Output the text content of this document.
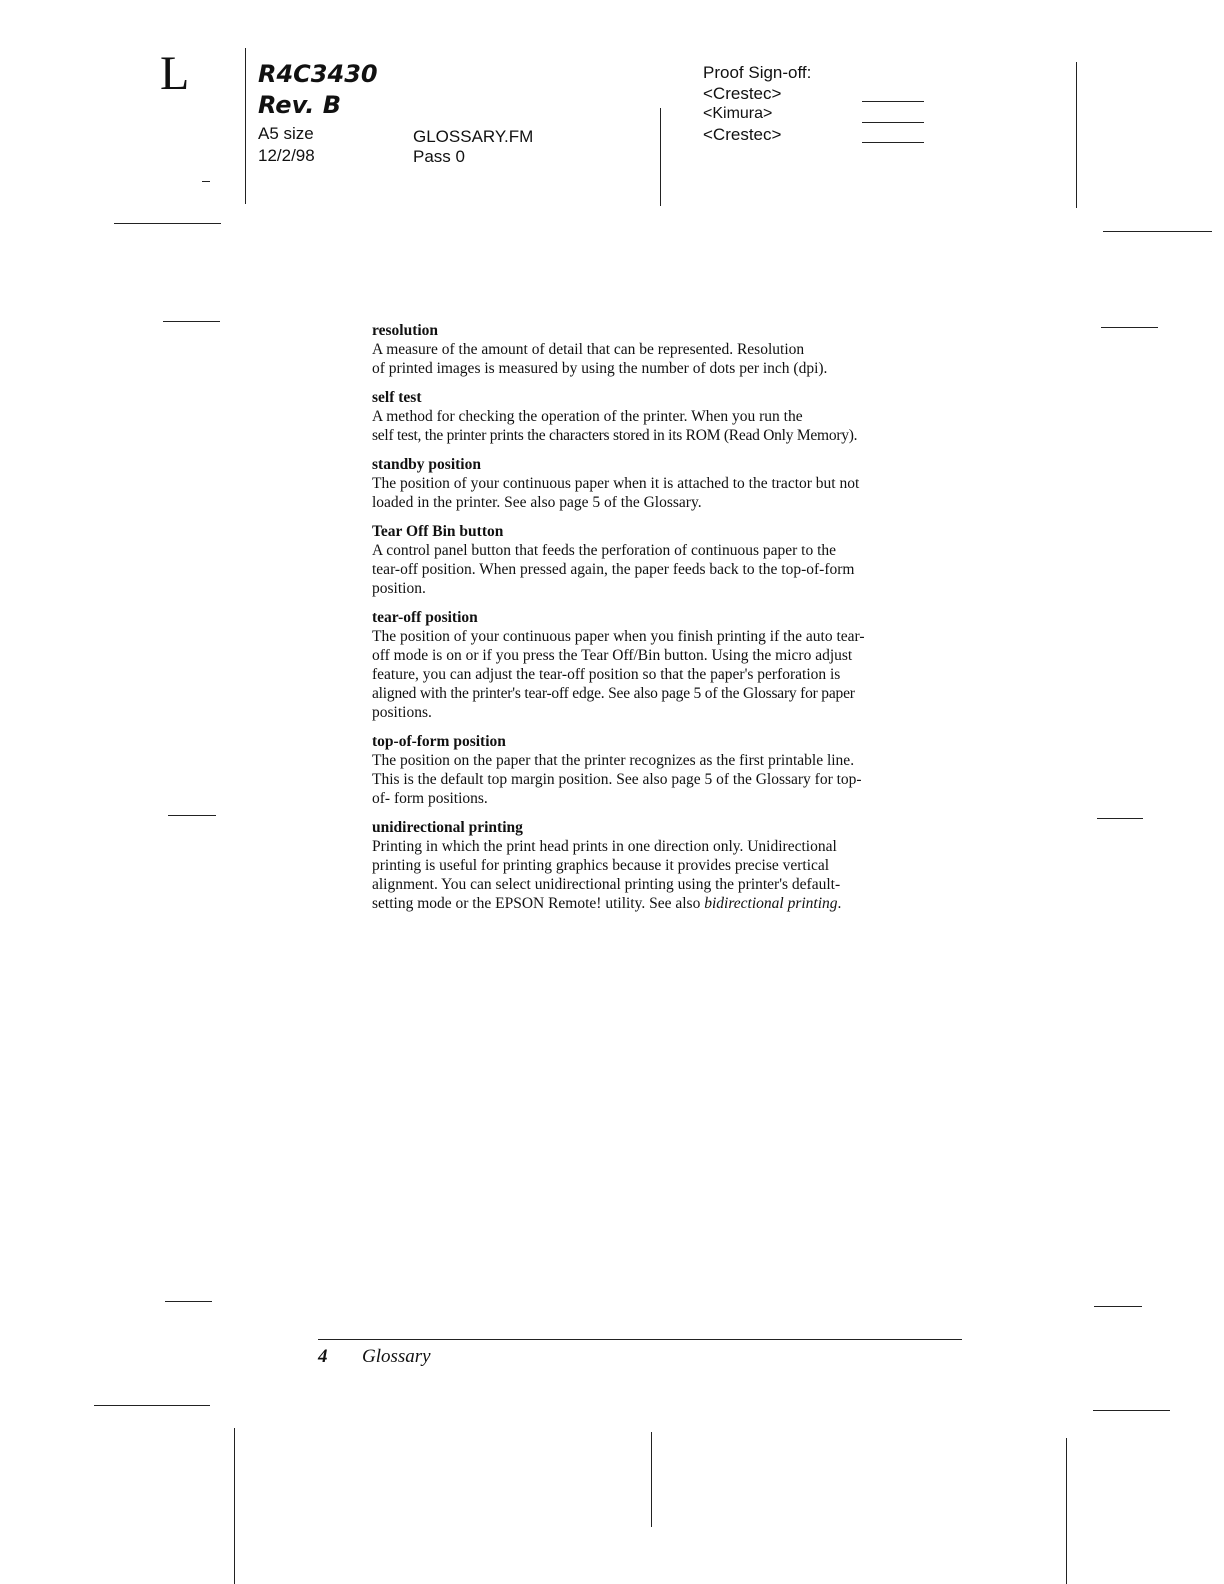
L	R4C3430
Rev. B
A5 size
12/2/98
GLOSSARY.FM
Pass 0
Proof Sign-off:
<Crestec>
<Kimura>
<Crestec>
resolution
A measure of the amount of detail that can be represented. Resolution
of printed images is measured by using the number of dots per inch (dpi).
self test
A method for checking the operation of the printer. When you run the
self test, the printer prints the characters stored in its ROM (Read Only Memory).
standby position
The position of your continuous paper when it is attached to the tractor but not
loaded in the printer. See also page 5 of the Glossary.
Tear Off Bin button
A control panel button that feeds the perforation of continuous paper to the
tear-off position. When pressed again, the paper feeds back to the top-of-form
position.
tear-off position
The position of your continuous paper when you finish printing if the auto tear-
off mode is on or if you press the Tear Off/Bin button. Using the micro adjust
feature, you can adjust the tear-off position so that the paper's perforation is
aligned with the printer's tear-off edge. See also page 5 of the Glossary for paper
positions.
top-of-form position
The position on the paper that the printer recognizes as the first printable line.
This is the default top margin position. See also page 5 of the Glossary for top-
of- form positions.
unidirectional printing
Printing in which the print head prints in one direction only. Unidirectional
printing is useful for printing graphics because it provides precise vertical
alignment. You can select unidirectional printing using the printer's default-
setting mode or the EPSON Remote! utility. See also bidirectional printing.
4 Glossary
